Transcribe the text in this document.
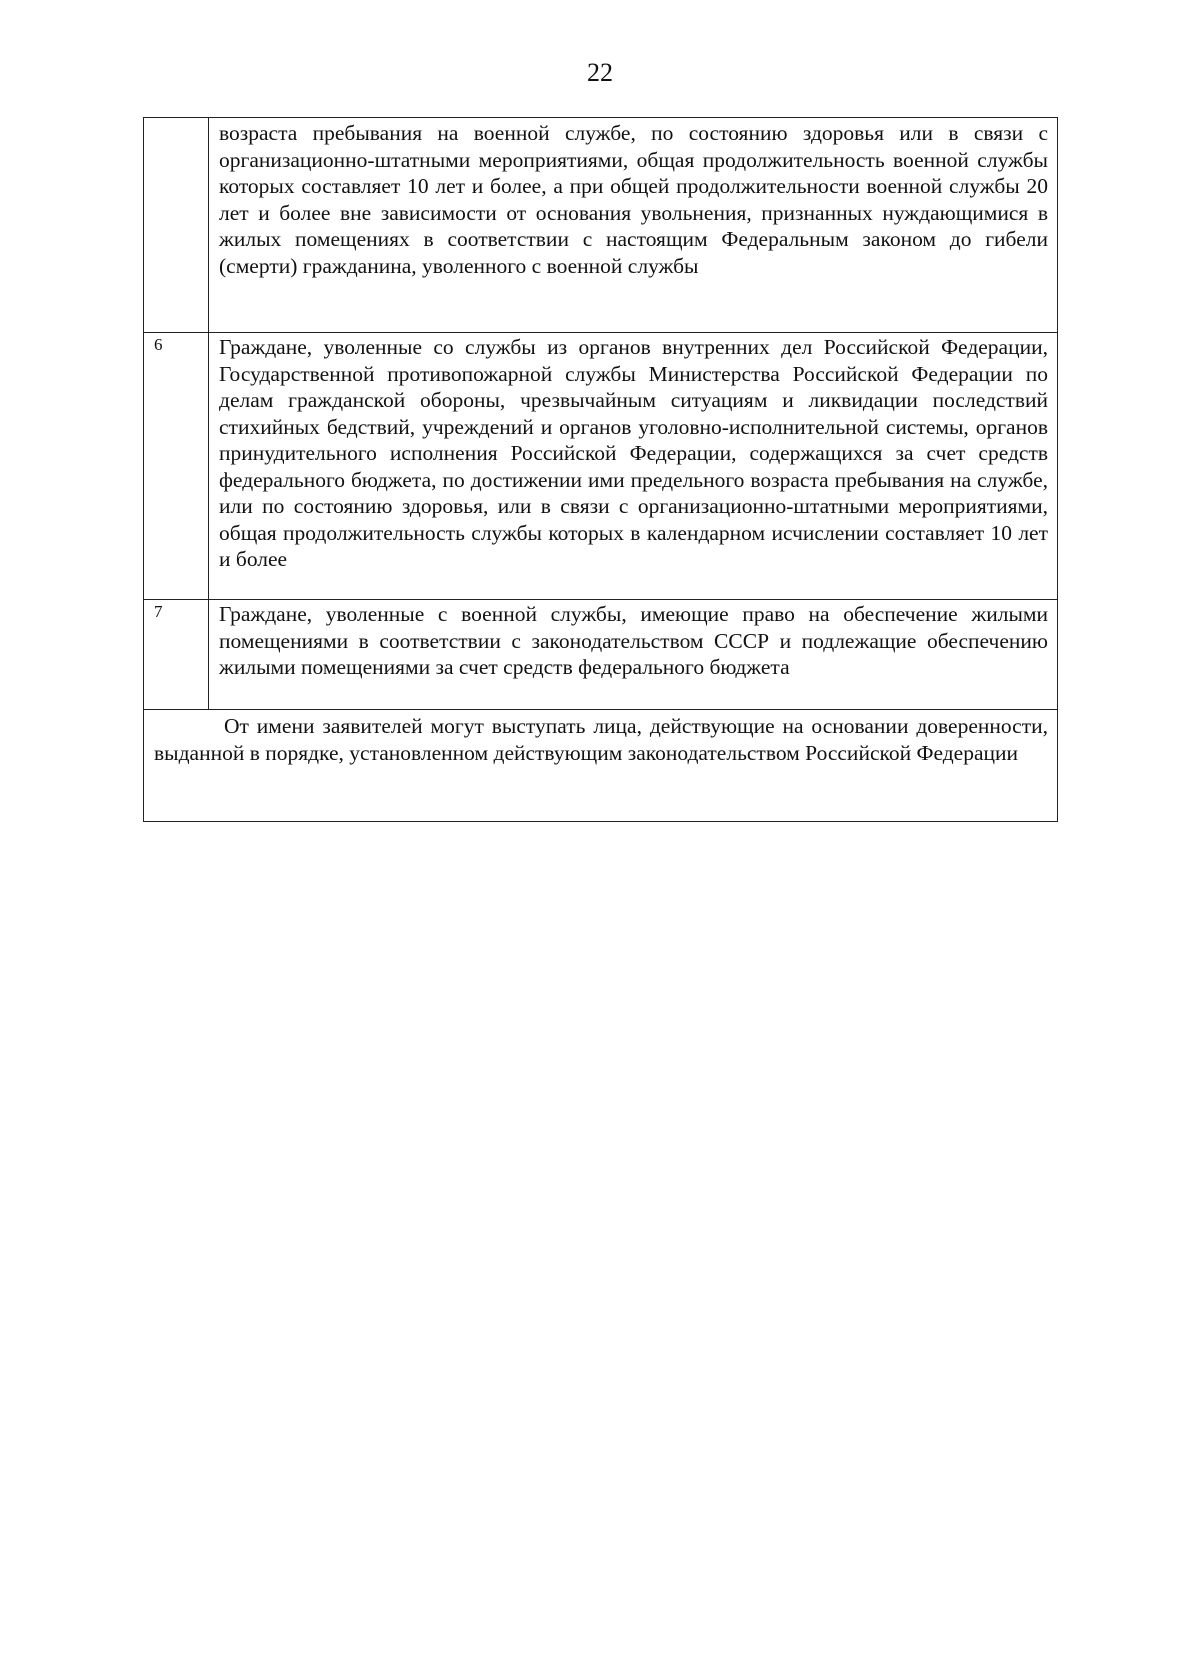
22

	возраста пребывания на военной службе, по состоянию здоровья или в связи с организационно-штатными мероприятиями, общая продолжительность военной службы которых составляет 10 лет и более, а при общей продолжительности военной службы 20 лет и более вне зависимости от основания увольнения, признанных нуждающимися в жилых помещениях в соответствии с настоящим Федеральным законом до гибели (смерти) гражданина, уволенного с военной службы

6	Граждане, уволенные со службы из органов внутренних дел Российской Федерации, Государственной противопожарной службы Министерства Российской Федерации по делам гражданской обороны, чрезвычайным ситуациям и ликвидации последствий стихийных бедствий, учреждений и органов уголовно-исполнительной системы, органов принудительного исполнения Российской Федерации, содержащихся за счет средств федерального бюджета, по достижении ими предельного возраста пребывания на службе, или по состоянию здоровья, или в связи с организационно-штатными мероприятиями, общая продолжительность службы которых в календарном исчислении составляет 10 лет и более

7	Граждане, уволенные с военной службы, имеющие право на обеспечение жилыми помещениями в соответствии с законодательством СССР и подлежащие обеспечению жилыми помещениями за счет средств федерального бюджета

От имени заявителей могут выступать лица, действующие на основании доверенности, выданной в порядке, установленном действующим законодательством Российской Федерации	
